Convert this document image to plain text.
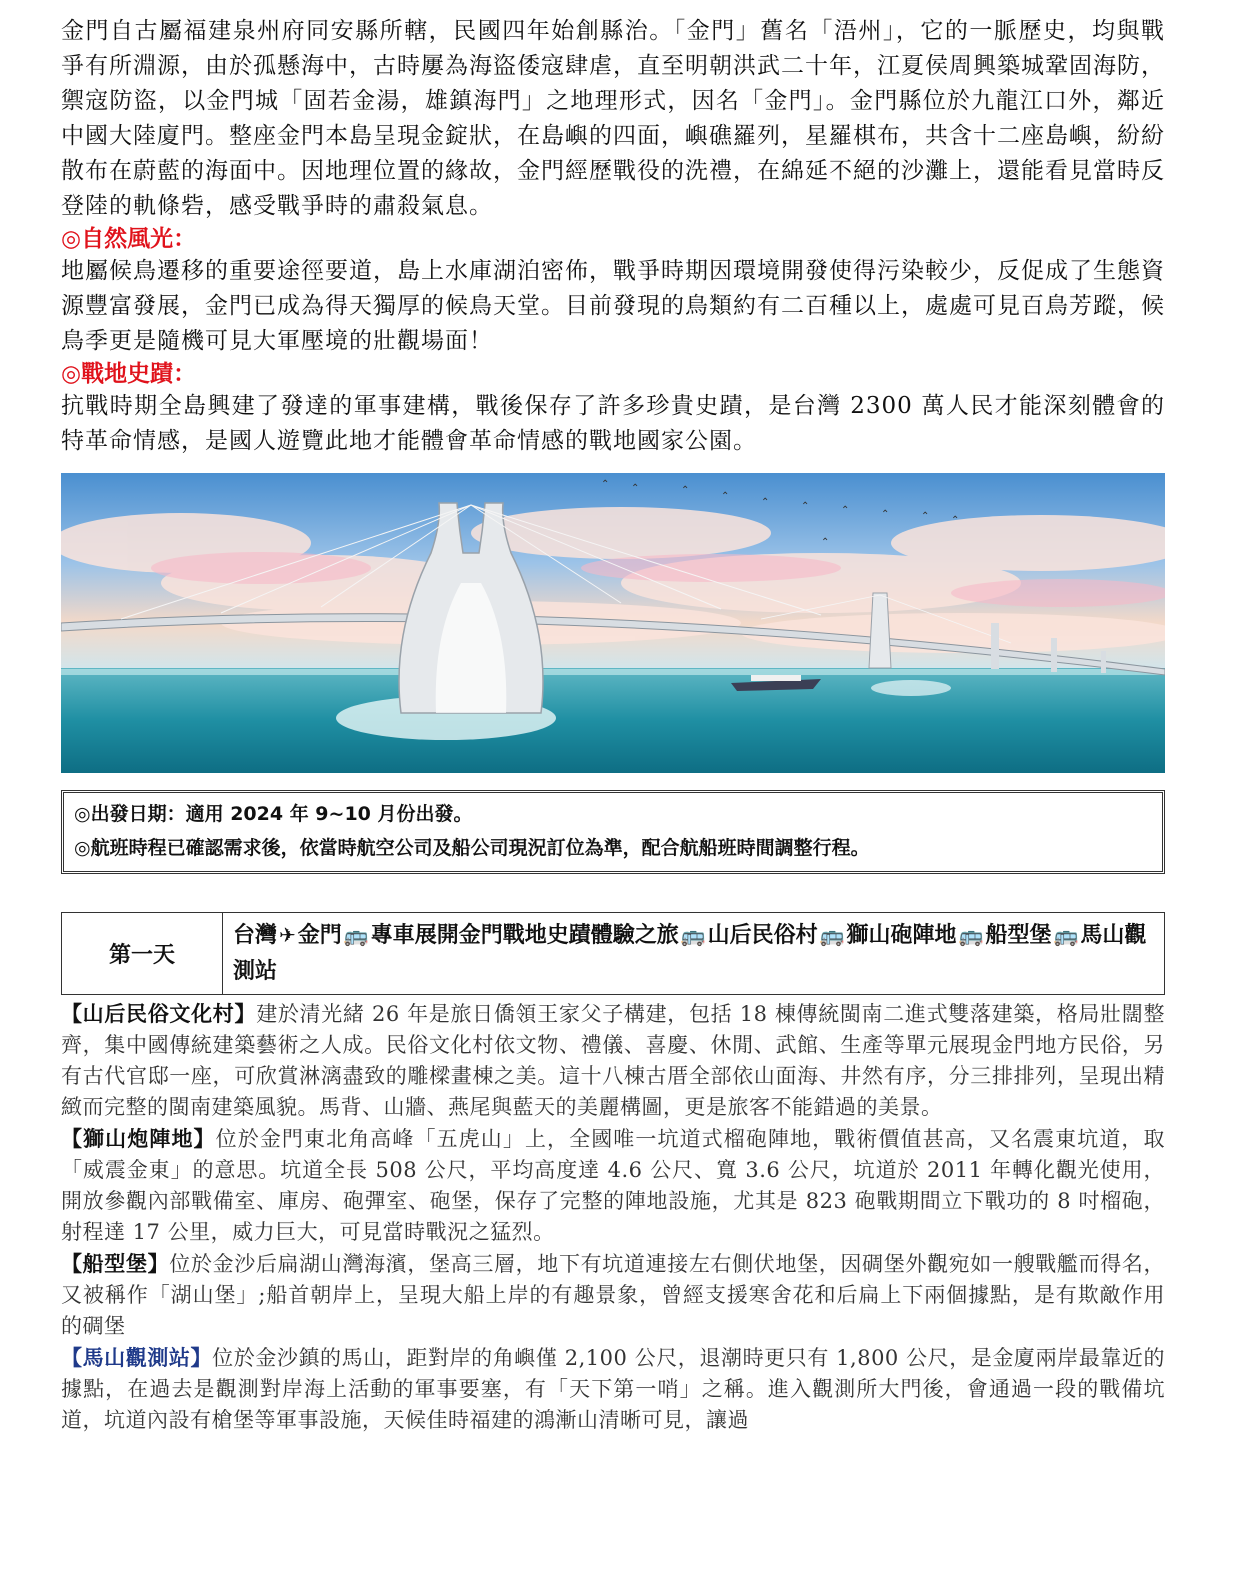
金門自古屬福建泉州府同安縣所轄，民國四年始創縣治。「金門」舊名「浯州」，它的一脈歷史，均與戰爭有所淵源，由於孤懸海中，古時屢為海盜倭寇肆虐，直至明朝洪武二十年，江夏侯周興築城鞏固海防，禦寇防盜，以金門城「固若金湯，雄鎮海門」之地理形式，因名「金門」。金門縣位於九龍江口外，鄰近中國大陸廈門。整座金門本島呈現金錠狀，在島嶼的四面，嶼礁羅列，星羅棋布，共含十二座島嶼，紛紛散布在蔚藍的海面中。因地理位置的緣故，金門經歷戰役的洗禮，在綿延不絕的沙灘上，還能看見當時反登陸的軌條砦，感受戰爭時的肅殺氣息。

◎自然風光：

地屬候鳥遷移的重要途徑要道，島上水庫湖泊密佈，戰爭時期因環境開發使得污染較少，反促成了生態資源豐富發展，金門已成為得天獨厚的候鳥天堂。目前發現的鳥類約有二百種以上，處處可見百鳥芳蹤，候鳥季更是隨機可見大軍壓境的壯觀場面！

◎戰地史蹟：

抗戰時期全島興建了發達的軍事建構，戰後保存了許多珍貴史蹟，是台灣 2300 萬人民才能深刻體會的特革命情感，是國人遊覽此地才能體會革命情感的戰地國家公園。

⌃ ⌃	⌃
⌃
⌃	⌃	⌃	⌃	⌃ ⌃
⌃

◎出發日期：適用 2024 年 9~10 月份出發。

◎航班時程已確認需求後，依當時航空公司及船公司現況訂位為準，配合航船班時間調整行程。

第一天	台灣 ✈金門 🚌專車展開金門戰地史蹟體驗之旅 🚌山后民俗村 🚌獅山砲陣地 🚌船型堡 🚌馬山觀測站

【山后民俗文化村】建於清光緒 26 年是旅日僑領王家父子構建，包括 18 棟傳統閩南二進式雙落建築，格局壯闊整齊，集中國傳統建築藝術之人成。民俗文化村依文物、禮儀、喜慶、休閒、武館、生產等單元展現金門地方民俗，另有古代官邸一座，可欣賞淋漓盡致的雕樑畫棟之美。這十八棟古厝全部依山面海、井然有序，分三排排列，呈現出精緻而完整的閩南建築風貌。馬背、山牆、燕尾與藍天的美麗構圖，更是旅客不能錯過的美景。

【獅山炮陣地】位於金門東北角高峰「五虎山」上，全國唯一坑道式榴砲陣地，戰術價值甚高，又名震東坑道，取「威震金東」的意思。坑道全長 508 公尺，平均高度達 4.6 公尺、寬 3.6 公尺，坑道於 2011 年轉化觀光使用，開放參觀內部戰備室、庫房、砲彈室、砲堡，保存了完整的陣地設施，尤其是 823 砲戰期間立下戰功的 8 吋榴砲，射程達 17 公里，威力巨大，可見當時戰況之猛烈。

【船型堡】位於金沙后扁湖山灣海濱，堡高三層，地下有坑道連接左右側伏地堡，因碉堡外觀宛如一艘戰艦而得名，又被稱作「湖山堡」;船首朝岸上，呈現大船上岸的有趣景象，曾經支援寒舍花和后扁上下兩個據點，是有欺敵作用的碉堡

【馬山觀測站】位於金沙鎮的馬山，距對岸的角嶼僅 2,100 公尺，退潮時更只有 1,800 公尺，是金廈兩岸最靠近的據點，在過去是觀測對岸海上活動的軍事要塞，有「天下第一哨」之稱。進入觀測所大門後，會通過一段的戰備坑道，坑道內設有槍堡等軍事設施，天候佳時福建的鴻漸山清晰可見，讓過
